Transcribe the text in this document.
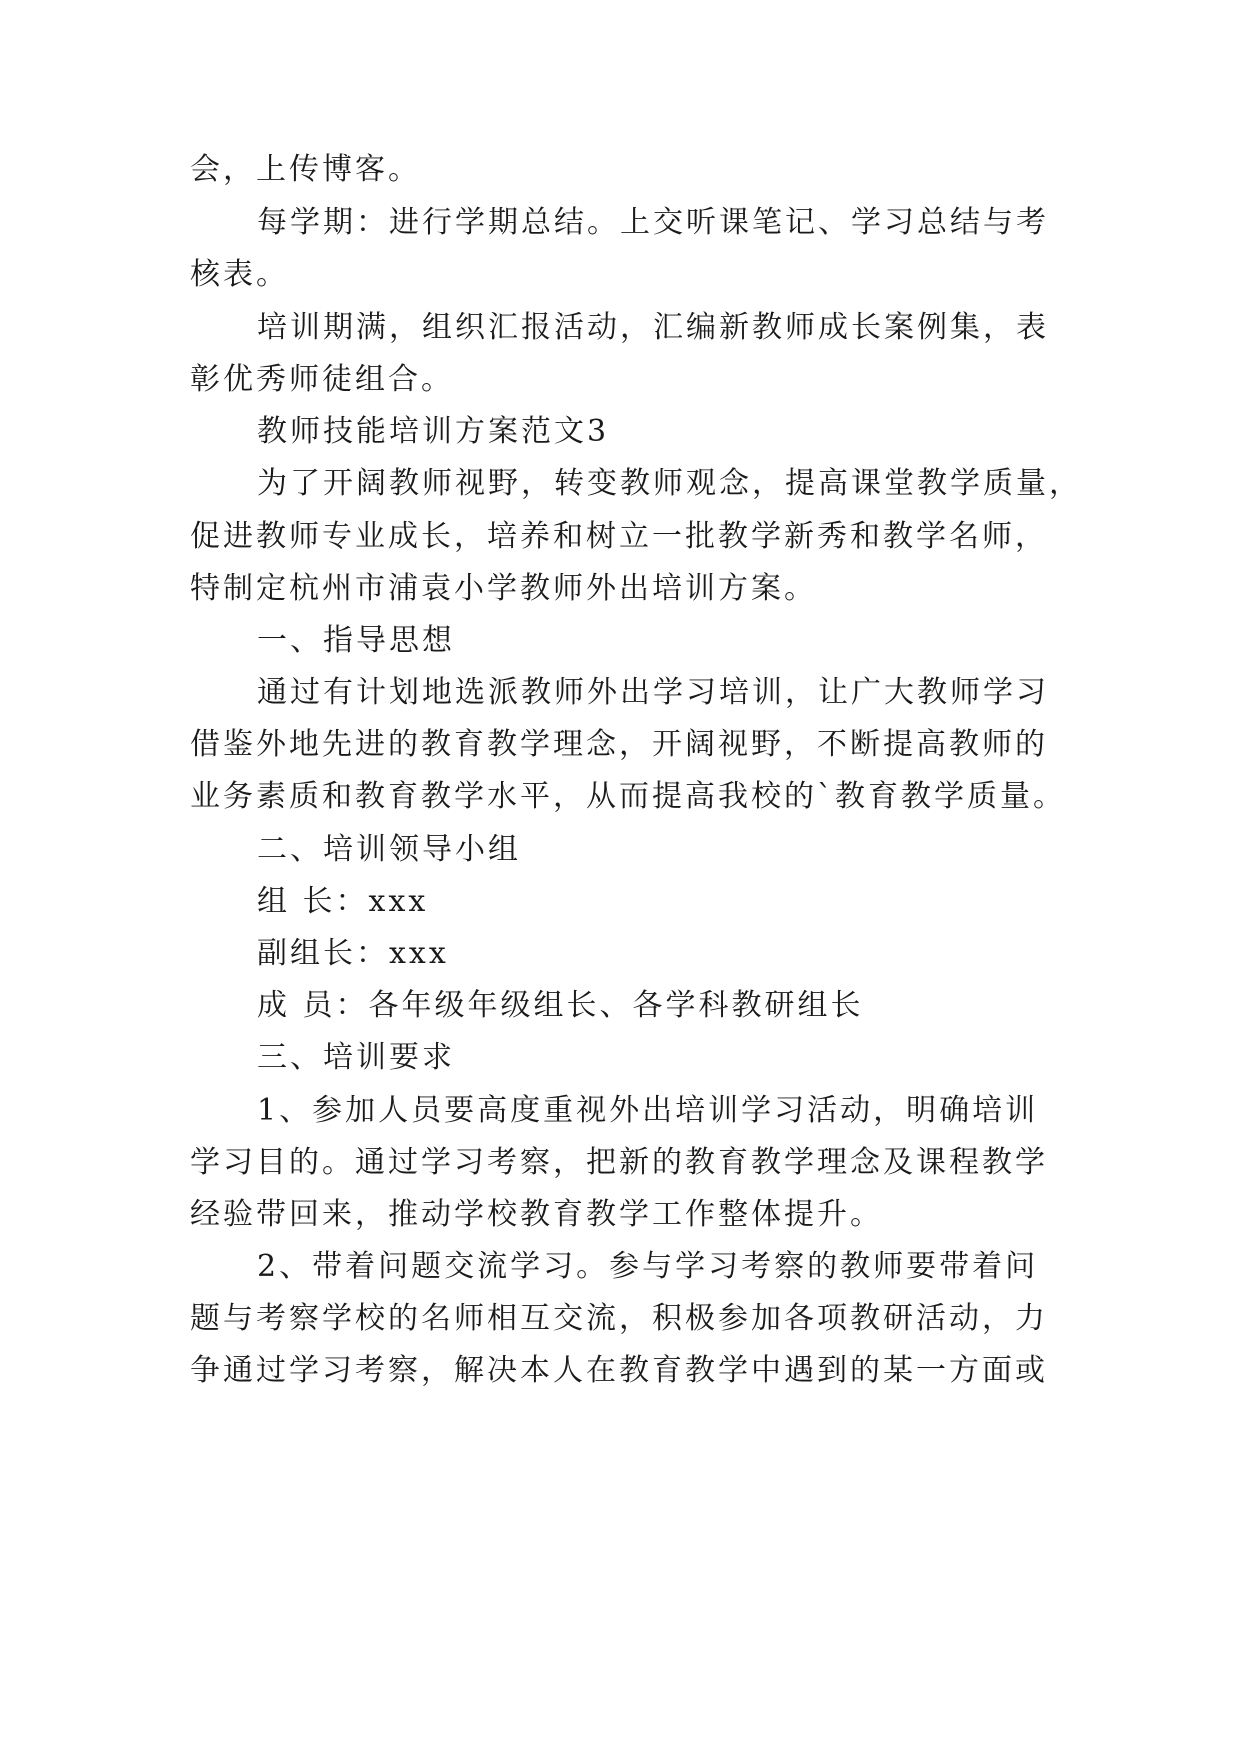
会，上传博客。
每学期：进行学期总结。上交听课笔记、学习总结与考
核表。
培训期满，组织汇报活动，汇编新教师成长案例集，表
彰优秀师徒组合。
教师技能培训方案范文3
为了开阔教师视野，转变教师观念，提高课堂教学质量，
促进教师专业成长，培养和树立一批教学新秀和教学名师，
特制定杭州市浦袁小学教师外出培训方案。
一、指导思想
通过有计划地选派教师外出学习培训，让广大教师学习
借鉴外地先进的教育教学理念，开阔视野，不断提高教师的
业务素质和教育教学水平，从而提高我校的`教育教学质量。
二、培训领导小组
组 长：xxx
副组长：xxx
成 员：各年级年级组长、各学科教研组长
三、培训要求
1、参加人员要高度重视外出培训学习活动，明确培训
学习目的。通过学习考察，把新的教育教学理念及课程教学
经验带回来，推动学校教育教学工作整体提升。
2、带着问题交流学习。参与学习考察的教师要带着问
题与考察学校的名师相互交流，积极参加各项教研活动，力
争通过学习考察，解决本人在教育教学中遇到的某一方面或
